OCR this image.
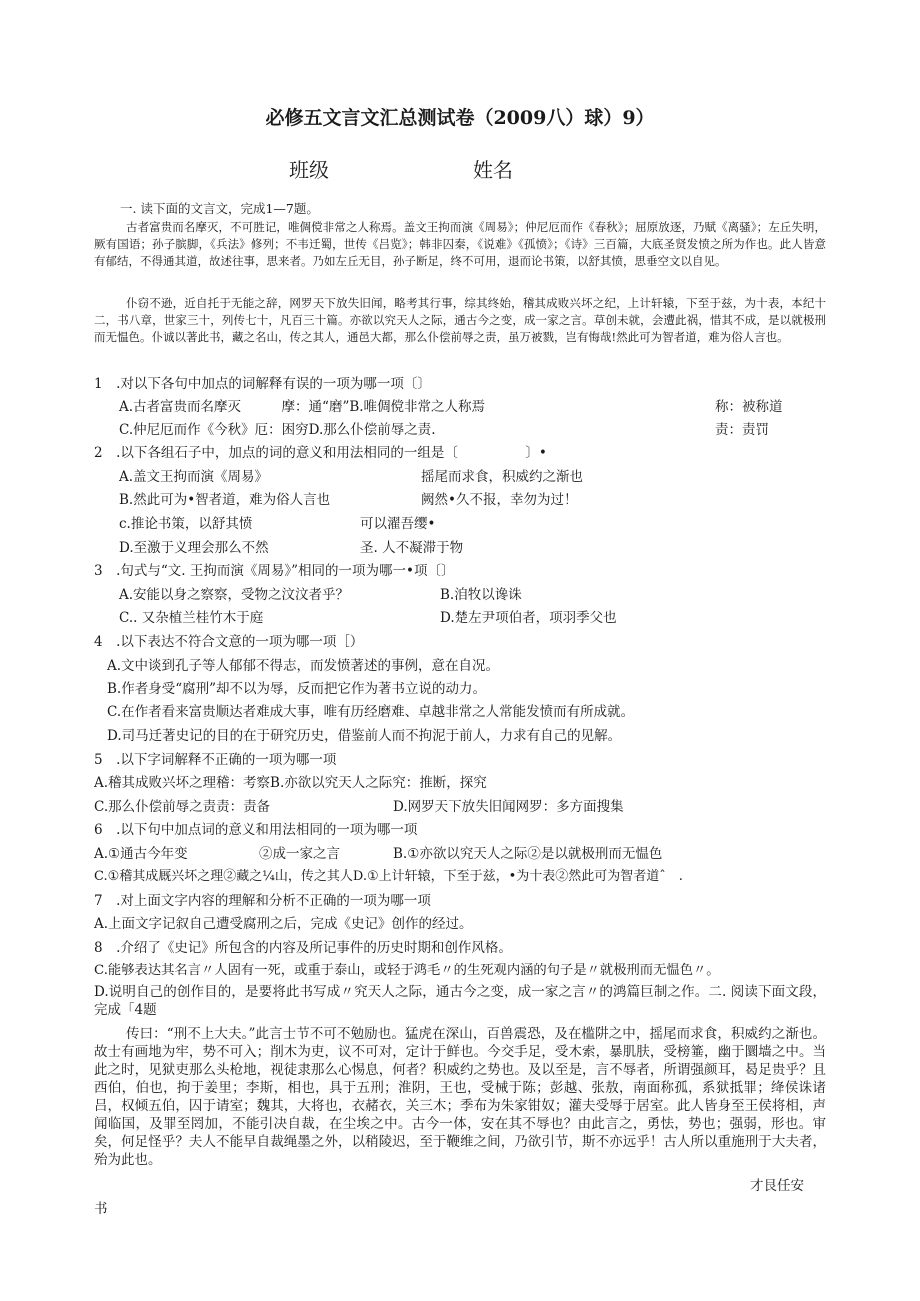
必修五文言文汇总测试卷（2009八）球）9）
班级	姓名
一. 读下面的文言文，完成1—7题。
古者富贵而名摩灭，不可胜记，唯倜傥非常之人称焉。盖文王拘而演《周易》；仲尼厄而作《春秋》；屈原放逐，乃赋《离骚》；左丘失明，厥有国语；孙子膑脚，《兵法》修列；不韦迁蜀，世传《吕览》；韩非囚秦，《说难》《孤愤》；《诗》三百篇，大底圣贤发愤之所为作也。此人皆意有郁结，不得通其道，故述往事，思来者。乃如左丘无目，孙子断足，终不可用，退而论书策，以舒其愤，思垂空文以自见。
仆窃不逊，近自托于无能之辞，网罗天下放失旧闻，略考其行事，综其终始，稽其成败兴坏之纪，上计轩辕，下至于兹，为十表，本纪十二，书八章，世家三十，列传七十，凡百三十篇。亦欲以究天人之际，通古今之变，成一家之言。草创未就，会遭此祸，惜其不成，是以就极刑而无愠色。仆诚以著此书，藏之名山，传之其人，通邑大都，那么仆偿前辱之责，虽万被戮，岂有悔哉!然此可为智者道，难为俗人言也。
1　.对以下各句中加点的词解释有误的一项为哪一项〔〕
A.古者富贵而名摩灭　　　摩：通“磨”B.唯倜傥非常之人称焉	称：被称道
C.仲尼厄而作《今秋》厄：困穷D.那么仆偿前辱之责.	责：责罚
2　.以下各组石子中，加点的词的意义和用法相同的一组是〔　　　　　〕•
A.盖文王拘而演《周易》	摇尾而求食，积威约之渐也
B.然此可为•智者道，难为俗人言也	阙然•久不报，幸勿为过！
c.推论书策，以舒其愤	可以濯吾缨•
D.至激于义理会那么不然	圣. 人不凝滞于物
3　.句式与“文. 王拘而演《周易》”相同的一项为哪一•项〔〕
A.安能以身之察察，受物之汶汶者乎？	B.洎牧以谗诛
C.. 又杂植兰桂竹木于庭	D.楚左尹项伯者，项羽季父也
4　.以下表达不符合文意的一项为哪一项［）
A.文中谈到孔子等人郁郁不得志，而发愤著述的事例，意在自况。
B.作者身受“腐刑”却不以为辱，反而把它作为著书立说的动力。
C.在作者看来富贵顺达者难成大事，唯有历经磨难、卓越非常之人常能发愤而有所成就。
D.司马迁著史记的目的在于研究历史，借鉴前人而不拘泥于前人，力求有自己的见解。
5　.以下字词解释不正确的一项为哪一项
A.稽其成败兴坏之理稽：考察B.亦欲以究天人之际究：推断，探究
C.那么仆偿前辱之责责：责备	D.网罗天下放失旧闻网罗：多方面搜集
6　.以下句中加点词的意义和用法相同的一项为哪一项
A.①通古今年变	②成一家之言	B.①亦欲以究天人之际②是以就极刑而无愠色
C.①稽其成厩兴坏之理②藏之¼山，传之其人D.①上计轩辕，下至于兹，•为十表②然此可为智者道ˆ　.
7　.对上面文字内容的理解和分析不正确的一项为哪一项
A.上面文字记叙自己遭受腐刑之后，完成《史记》创作的经过。
8　.介绍了《史记》所包含的内容及所记事件的历史时期和创作风格。
C.能够表达其名言〃人固有一死，或重于泰山，或轻于鸿毛〃的生死观内涵的句子是〃就极刑而无愠色〃。
D.说明自己的创作目的，是要将此书写成〃究天人之际，通古今之变，成一家之言〃的鸿篇巨制之作。二. 阅读下面文段，完成「4题
传曰：“刑不上大夫。”此言士节不可不勉励也。猛虎在深山，百兽震恐，及在槛阱之中，摇尾而求食，积威约之渐也。故士有画地为牢，势不可入；削木为吏，议不可对，定计于鲜也。今交手足，受木索，暴肌肤，受榜箠，幽于圜墙之中。当此之时，见狱吏那么头枪地，视徒隶那么心惕息，何者？积威约之势也。及以至是，言不辱者，所谓强颜耳，曷足贵乎？且西伯，伯也，拘于姜里；李斯，相也，具于五刑；淮阴，王也，受械于陈；彭越、张敖，南面称孤，系狱抵罪；绛侯诛诸吕，权倾五伯，囚于请室；魏其，大将也，衣赭衣，关三木；季布为朱家钳奴；灌夫受辱于居室。此人皆身至王侯将相，声闻临国，及罪至罔加，不能引决自裁，在尘埃之中。古今一体，安在其不辱也？由此言之，勇怯，势也；强弱，形也。审矣，何足怪乎？夫人不能早自裁绳墨之外，以稍陵迟，至于鞭维之间，乃欲引节，斯不亦远乎！古人所以重施刑于大夫者，殆为此也。
才艮任安
书
